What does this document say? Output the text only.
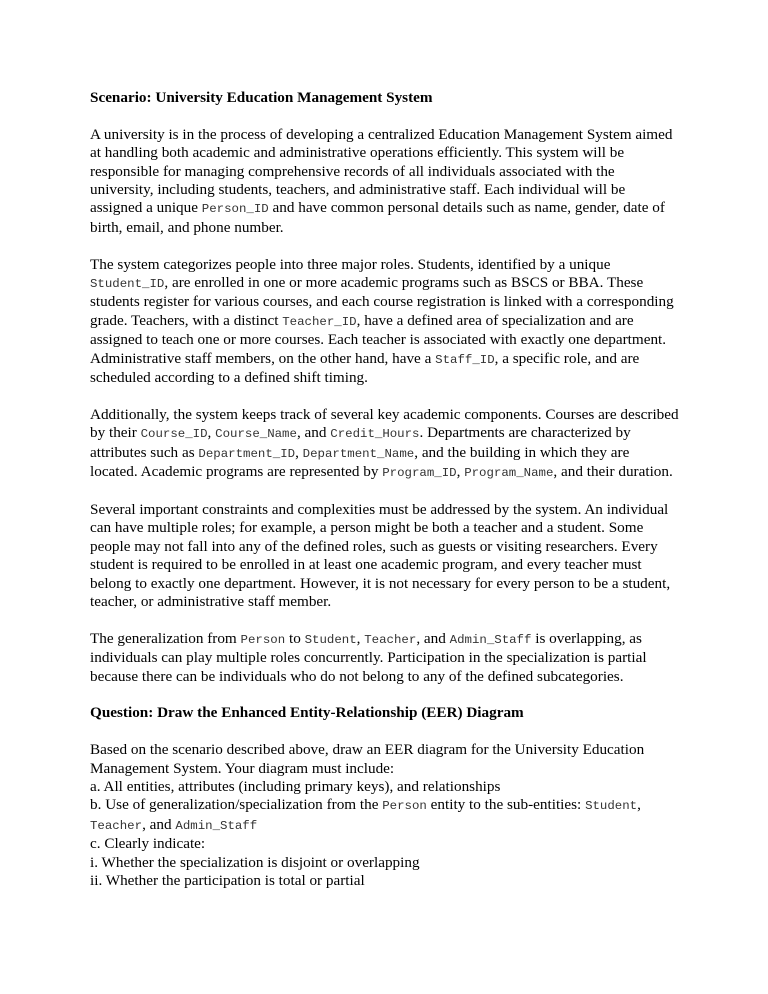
Scenario: University Education Management System

A university is in the process of developing a centralized Education Management System aimed at handling both academic and administrative operations efficiently. This system will be responsible for managing comprehensive records of all individuals associated with the university, including students, teachers, and administrative staff. Each individual will be assigned a unique Person_ID and have common personal details such as name, gender, date of birth, email, and phone number.

The system categorizes people into three major roles. Students, identified by a unique
Student_ID, are enrolled in one or more academic programs such as BSCS or BBA. These students register for various courses, and each course registration is linked with a corresponding grade. Teachers, with a distinct Teacher_ID, have a defined area of specialization and are assigned to teach one or more courses. Each teacher is associated with exactly one department. Administrative staff members, on the other hand, have a Staff_ID, a specific role, and are scheduled according to a defined shift timing.

Additionally, the system keeps track of several key academic components. Courses are described by their Course_ID, Course_Name, and Credit_Hours. Departments are characterized by attributes such as Department_ID, Department_Name, and the building in which they are located. Academic programs are represented by Program_ID, Program_Name, and their duration.

Several important constraints and complexities must be addressed by the system. An individual can have multiple roles; for example, a person might be both a teacher and a student. Some people may not fall into any of the defined roles, such as guests or visiting researchers. Every student is required to be enrolled in at least one academic program, and every teacher must belong to exactly one department. However, it is not necessary for every person to be a student, teacher, or administrative staff member.

The generalization from Person to Student, Teacher, and Admin_Staff is overlapping, as individuals can play multiple roles concurrently. Participation in the specialization is partial because there can be individuals who do not belong to any of the defined subcategories.

Question: Draw the Enhanced Entity-Relationship (EER) Diagram

Based on the scenario described above, draw an EER diagram for the University Education Management System. Your diagram must include:

a. All entities, attributes (including primary keys), and relationships

b. Use of generalization/specialization from the Person entity to the sub-entities: Student,
Teacher, and Admin_Staff

c. Clearly indicate:

i. Whether the specialization is disjoint or overlapping

ii. Whether the participation is total or partial
